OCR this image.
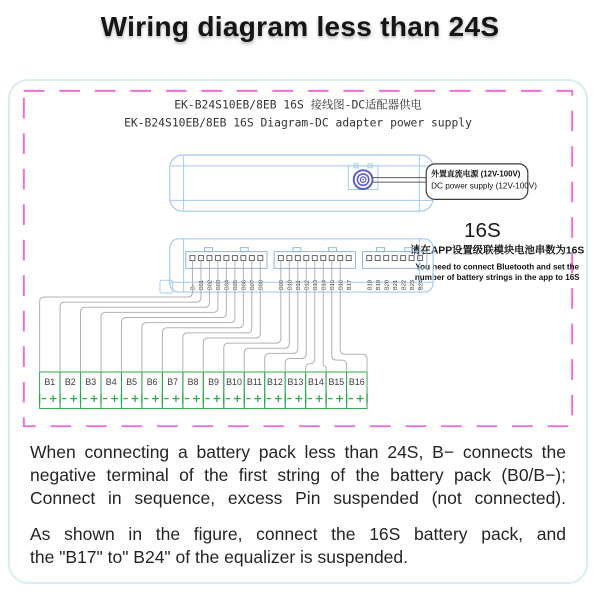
Wiring diagram less than 24S
EK-B24S10EB/8EB 16S 接线图-DC适配器供电
EK-B24S10EB/8EB 16S Diagram-DC adapter power supply
外置直流电源 (12V-100V)
DC power supply (12V-100V)
16S
请在APP设置级联模块电池串数为16S
You need to connect Bluetooth and set the
number of battery strings in the app to 16S
B- B01 B02 B03 B04 B05 B06 B07 B08	B09 B10 B11 B12 B13 B14 B15 B16 B17	B18 B19 B20 B21 B22 B23 B24
B1 B2 B3 B4 B5 B6 B7 B8 B9 B10 B11 B12 B13 B14 B15 B16

When connecting a battery pack less than 24S, B− connects the
negative terminal of the first string of the battery pack (B0/B−);
Connect in sequence, excess Pin suspended (not connected).

As shown in the figure, connect the 16S battery pack, and
the "B17" to" B24" of the equalizer is suspended.
